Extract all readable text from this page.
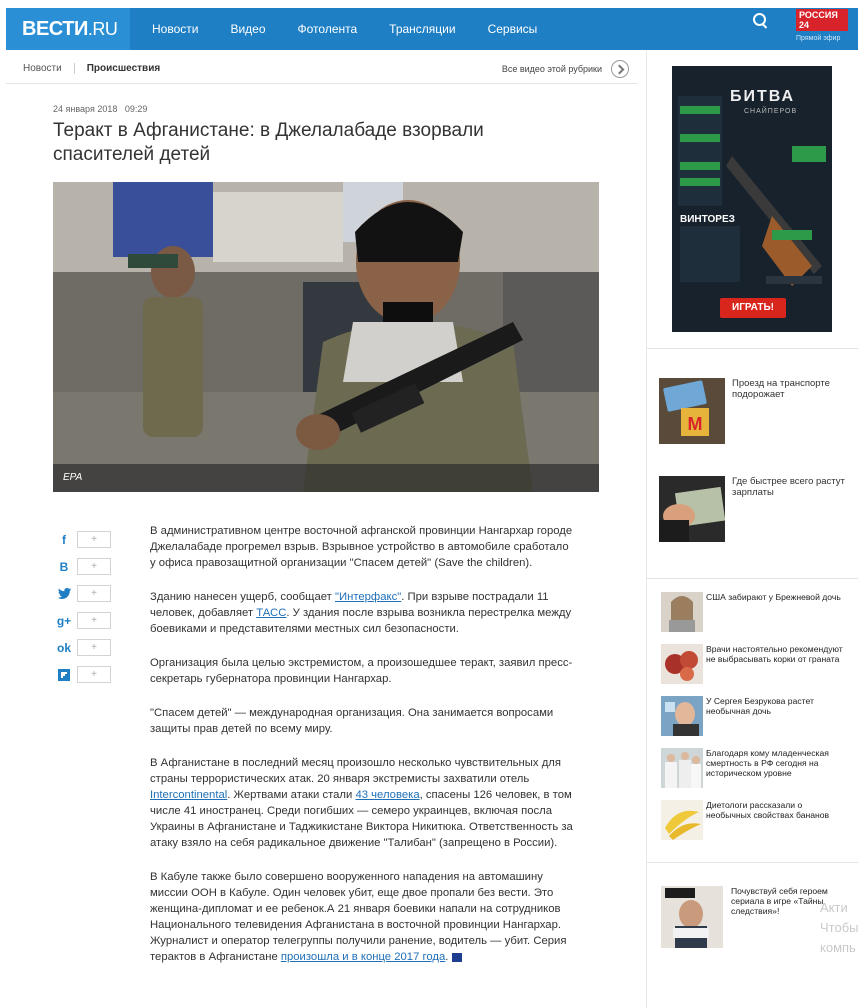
ВЕСТИ .RU	Новости	Видео	Фотолента	Трансляции	Сервисы
РОССИЯ 24
Прямой эфир
Новости	Происшествия	Все видео этой рубрики
24 января 2018 09:29
Теракт в Афганистане: в Джелалабаде взорвали спасителей детей
EPA
f	+
В	+
+
g+	+
ok	+
+

В административном центре восточной афганской провинции Нангархар городе Джелалабаде прогремел взрыв. Взрывное устройство в автомобиле сработало у офиса правозащитной организации "Спасем детей" (Save the children).

Зданию нанесен ущерб, сообщает "Интерфакс". При взрыве пострадали 11 человек, добавляет ТАСС. У здания после взрыва возникла перестрелка между боевиками и представителями местных сил безопасности.

Организация была целью экстремистом, а произошедшее теракт, заявил пресс-секретарь губернатора провинции Нангархар.

"Спасем детей" — международная организация. Она занимается вопросами защиты прав детей по всему миру.

В Афганистане в последний месяц произошло несколько чувствительных для страны террористических атак. 20 января экстремисты захватили отель Intercontinental. Жертвами атаки стали 43 человека, спасены 126 человек, в том числе 41 иностранец. Среди погибших — семеро украинцев, включая посла Украины в Афганистане и Таджикистане Виктора Никитюка. Ответственность за атаку взяло на себя радикальное движение "Талибан" (запрещено в России).

В Кабуле также было совершено вооруженного нападения на автомашину миссии ООН в Кабуле. Один человек убит, еще двое пропали без вести. Это женщина-дипломат и ее ребенок.А 21 января боевики напали на сотрудников Национального телевидения Афганистана в восточной провинции Нангархар. Журналист и оператор телегруппы получили ранение, водитель — убит. Серия терактов в Афганистане произошла и в конце 2017 года.

БИТВА
СНАЙПЕРОВ
ВИНТОРЕЗ
ИГРАТЬ!
M
Проезд на транспорте подорожает
Где быстрее всего растут зарплаты
США забирают у Брежневой дочь
Врачи настоятельно рекомендуют не выбрасывать корки от граната
У Сергея Безрукова растет необычная дочь
Благодаря кому младенческая смертность в РФ сегодня на историческом уровне
Диетологи рассказали о необычных свойствах бананов
Почувствуй себя героем сериала в игре «Тайны следствия»!	Акти
Чтобы
компь
